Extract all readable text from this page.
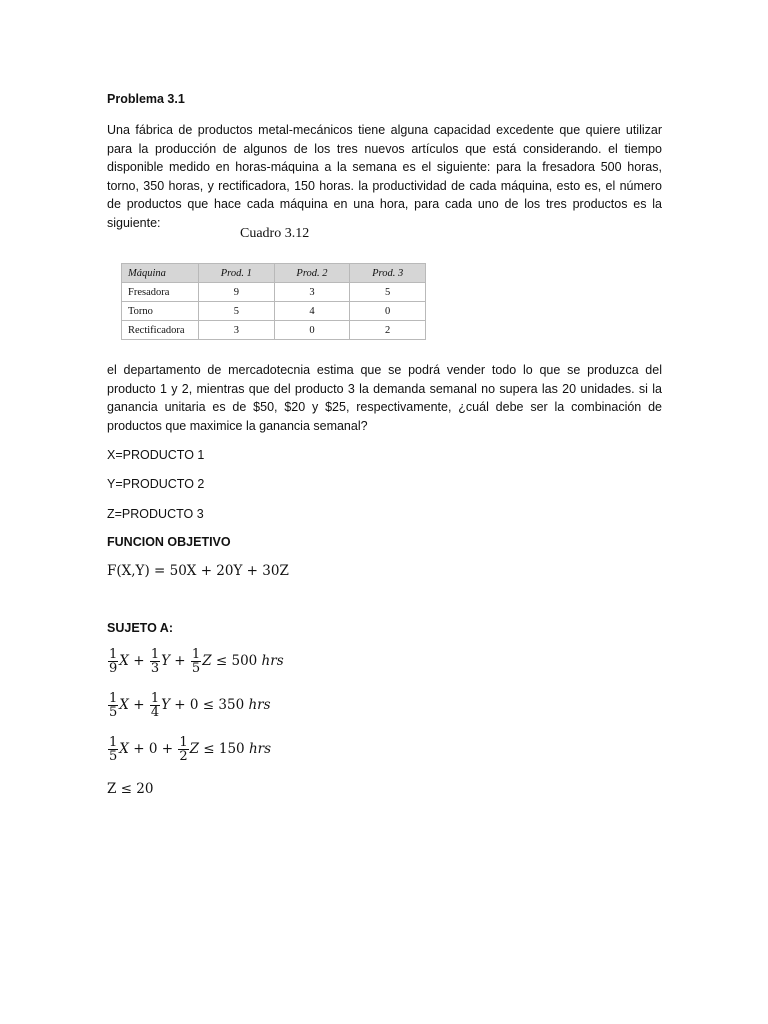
Problema 3.1

Una fábrica de productos metal-mecánicos tiene alguna capacidad excedente que quiere utilizar para la producción de algunos de los tres nuevos artículos que está considerando. el tiempo disponible medido en horas-máquina a la semana es el siguiente: para la fresadora 500 horas, torno, 350 horas, y rectificadora, 150 horas. la productividad de cada máquina, esto es, el número de productos que hace cada máquina en una hora, para cada uno de los tres productos es la siguiente:

Cuadro 3.12

Máquina	Prod. 1	Prod. 2	Prod. 3
Fresadora	9	3	5
Torno	5	4	0
Rectificadora	3	0	2

el departamento de mercadotecnia estima que se podrá vender todo lo que se produzca del producto 1 y 2, mientras que del producto 3 la demanda semanal no supera las 20 unidades. si la ganancia unitaria es de $50, $20 y $25, respectivamente, ¿cuál debe ser la combinación de productos que maximice la ganancia semanal?

X=PRODUCTO 1

Y=PRODUCTO 2

Z=PRODUCTO 3

FUNCION OBJETIVO

F(X,Y) = 50X + 20Y + 30Z

SUJETO A:

$\frac{1}{9}$ $X + \frac{1}{3}$ $Y + \frac{1}{5}$ Z ≤ 500 hrs
$\frac{1}{5}$ $X + \frac{1}{4}$ Y + 0 ≤ 350 hrs
$\frac{1}{5}$ $X + 0 + \frac{1}{2}$ Z ≤ 150 hrs

Z ≤ 20
